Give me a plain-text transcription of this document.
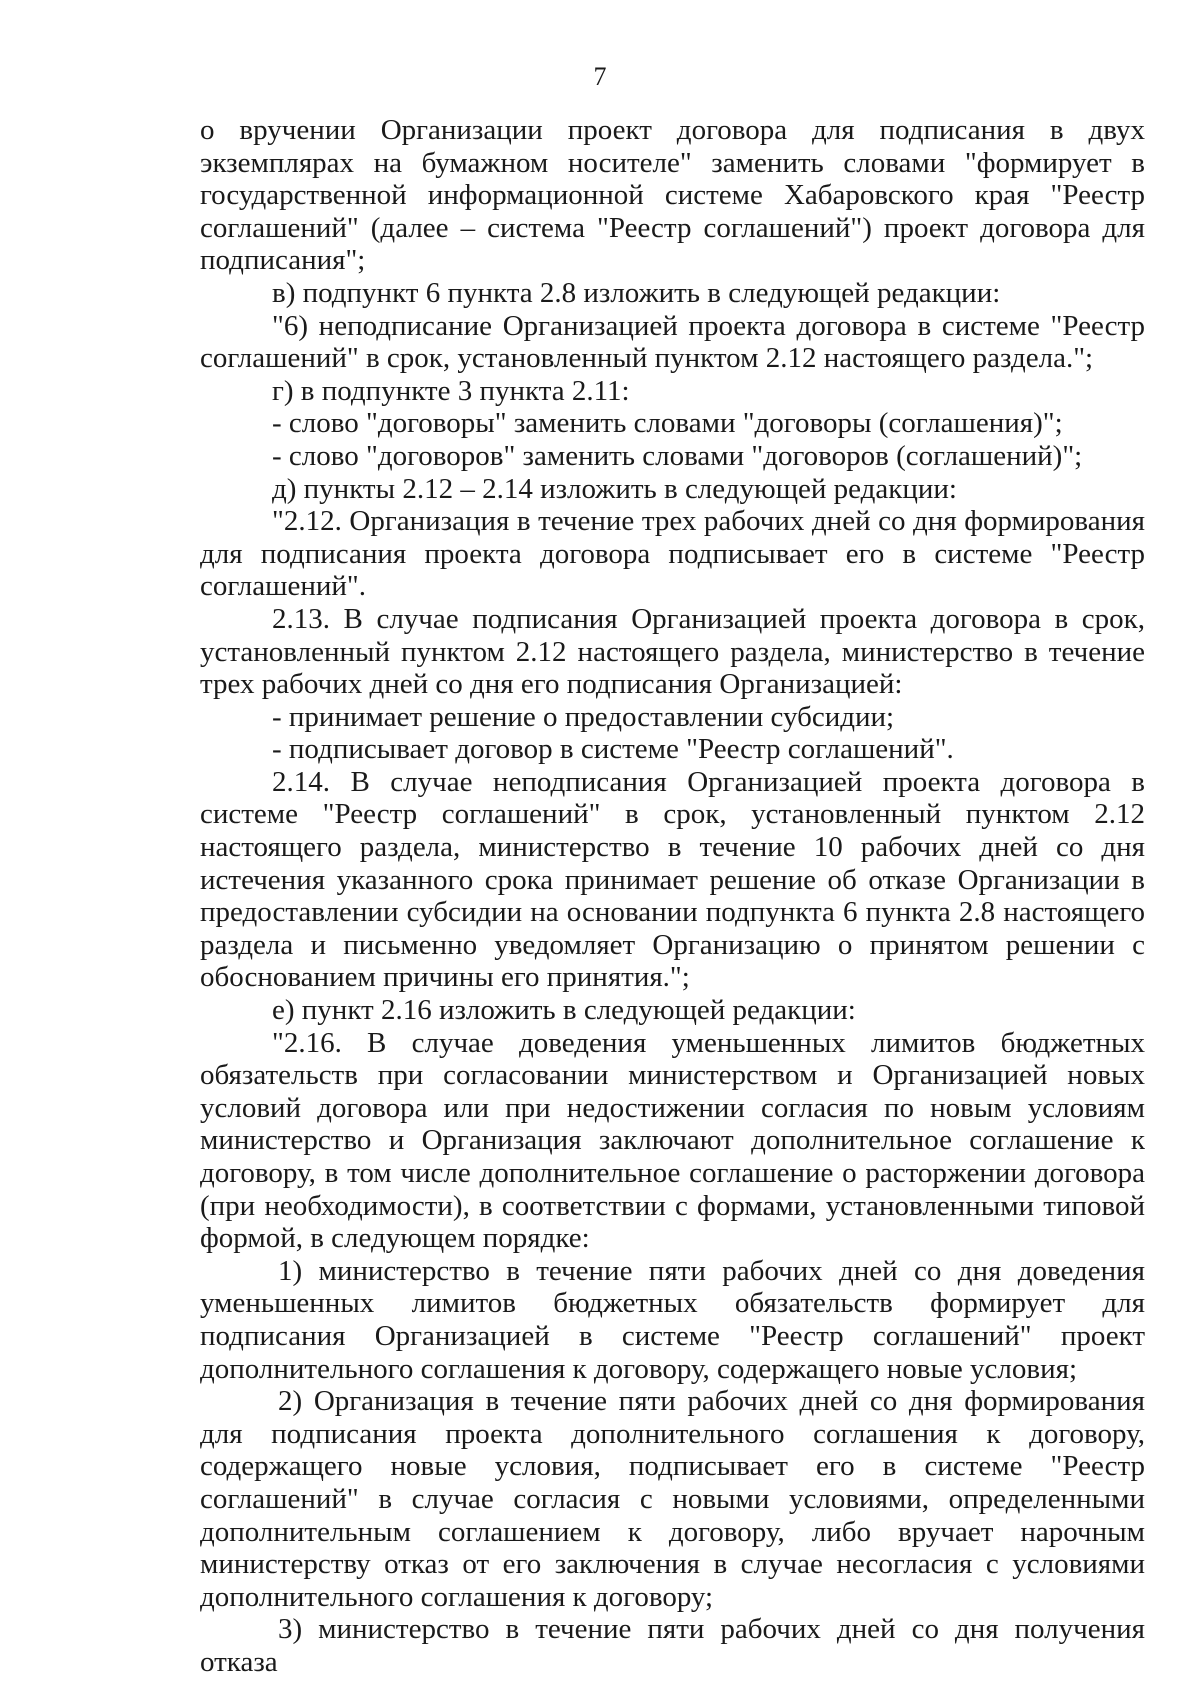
7

о вручении Организации проект договора для подписания в двух экземплярах на бумажном носителе" заменить словами "формирует в государственной информационной системе Хабаровского края "Реестр соглашений" (далее – система "Реестр соглашений") проект договора для подписания";

в) подпункт 6 пункта 2.8 изложить в следующей редакции:

"6) неподписание Организацией проекта договора в системе "Реестр соглашений" в срок, установленный пунктом 2.12 настоящего раздела.";

г) в подпункте 3 пункта 2.11:

- слово "договоры" заменить словами "договоры (соглашения)";

- слово "договоров" заменить словами "договоров (соглашений)";

д) пункты 2.12 – 2.14 изложить в следующей редакции:

"2.12. Организация в течение трех рабочих дней со дня формирования для подписания проекта договора подписывает его в системе "Реестр соглашений".

2.13. В случае подписания Организацией проекта договора в срок, установленный пунктом 2.12 настоящего раздела, министерство в течение трех рабочих дней со дня его подписания Организацией:

- принимает решение о предоставлении субсидии;

- подписывает договор в системе "Реестр соглашений".

2.14. В случае неподписания Организацией проекта договора в системе "Реестр соглашений" в срок, установленный пунктом 2.12 настоящего раздела, министерство в течение 10 рабочих дней со дня истечения указанного срока принимает решение об отказе Организации в предоставлении субсидии на основании подпункта 6 пункта 2.8 настоящего раздела и письменно уведомляет Организацию о принятом решении с обоснованием причины его принятия.";

е) пункт 2.16 изложить в следующей редакции:

"2.16. В случае доведения уменьшенных лимитов бюджетных обязательств при согласовании министерством и Организацией новых условий договора или при недостижении согласия по новым условиям министерство и Организация заключают дополнительное соглашение к договору, в том числе дополнительное соглашение о расторжении договора (при необходимости), в соответствии с формами, установленными типовой формой, в следующем порядке:

1) министерство в течение пяти рабочих дней со дня доведения уменьшенных лимитов бюджетных обязательств формирует для подписания Организацией в системе "Реестр соглашений" проект дополнительного соглашения к договору, содержащего новые условия;

2) Организация в течение пяти рабочих дней со дня формирования для подписания проекта дополнительного соглашения к договору, содержащего новые условия, подписывает его в системе "Реестр соглашений" в случае согласия с новыми условиями, определенными дополнительным соглашением к договору, либо вручает нарочным министерству отказ от его заключения в случае несогласия с условиями дополнительного соглашения к договору;

3) министерство в течение пяти рабочих дней со дня получения отказа
